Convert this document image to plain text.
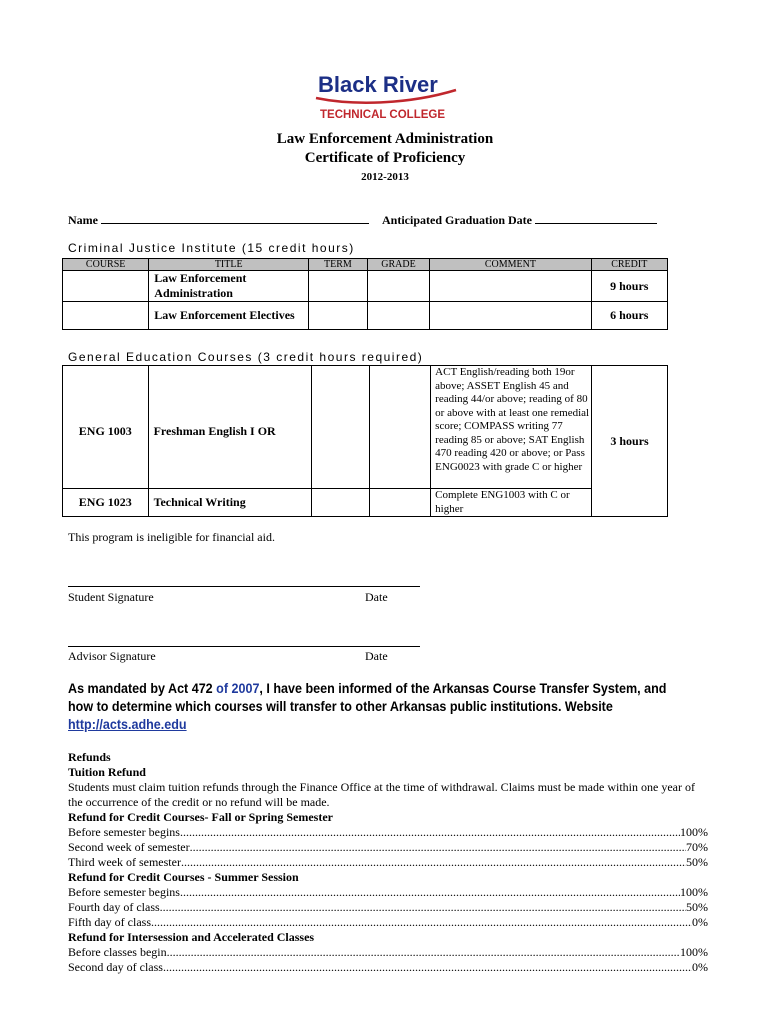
Black River
TECHNICAL COLLEGE
Law Enforcement Administration
Certificate of Proficiency
2012-2013
Name	Anticipated Graduation Date
Criminal Justice Institute (15 credit hours)
COURSE	TITLE	TERM	GRADE	COMMENT	CREDIT
	Law Enforcement Administration				9 hours
	Law Enforcement Electives				6 hours
General Education Courses (3 credit hours required)
ENG 1003	Freshman English I OR			ACT English/reading both 19or above; ASSET English 45 and reading 44/or above; reading of 80 or above with at least one remedial score; COMPASS writing 77 reading 85 or above; SAT English 470 reading 420 or above; or Pass ENG0023 with grade C or higher	3 hours
ENG 1023	Technical Writing			Complete ENG1003 with C or higher	
This program is ineligible for financial aid.
Student Signature	Date
Advisor Signature	Date
As mandated by Act 472 of 2007, I have been informed of the Arkansas Course Transfer System, and how to determine which courses will transfer to other Arkansas public institutions. Website http://acts.adhe.edu
Refunds
Tuition Refund
Students must claim tuition refunds through the Finance Office at the time of withdrawal. Claims must be made within one year of the occurrence of the credit or no refund will be made.
Refund for Credit Courses- Fall or Spring Semester
Before semester begins .....	100%
Second week of semester .....	70%
Third week of semester .....	50%
Refund for Credit Courses - Summer Session
Before semester begins .....	100%
Fourth day of class .....	50%
Fifth day of class .....	0%
Refund for Intersession and Accelerated Classes
Before classes begin .....	100%
Second day of class .....	0%
